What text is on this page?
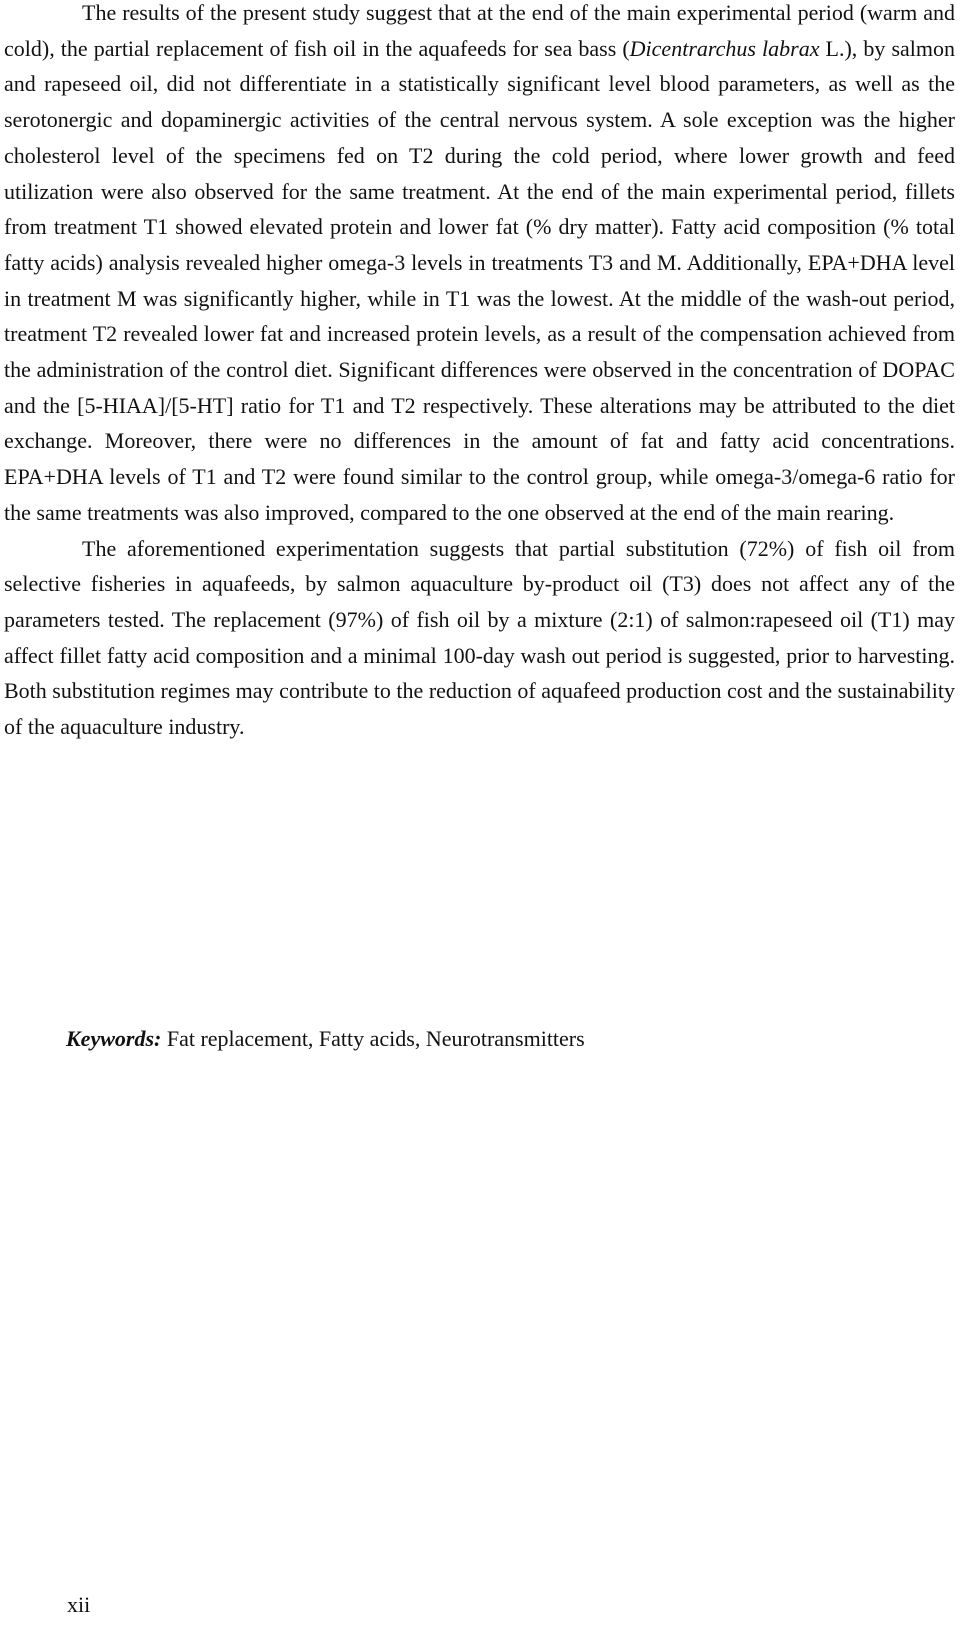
The results of the present study suggest that at the end of the main experimental period (warm and cold), the partial replacement of fish oil in the aquafeeds for sea bass (Dicentrarchus labrax L.), by salmon and rapeseed oil, did not differentiate in a statistically significant level blood parameters, as well as the serotonergic and dopaminergic activities of the central nervous system. A sole exception was the higher cholesterol level of the specimens fed on T2 during the cold period, where lower growth and feed utilization were also observed for the same treatment. At the end of the main experimental period, fillets from treatment T1 showed elevated protein and lower fat (% dry matter). Fatty acid composition (% total fatty acids) analysis revealed higher omega-3 levels in treatments T3 and M. Additionally, EPA+DHA level in treatment M was significantly higher, while in T1 was the lowest. At the middle of the wash-out period, treatment T2 revealed lower fat and increased protein levels, as a result of the compensation achieved from the administration of the control diet. Significant differences were observed in the concentration of DOPAC and the [5-HIAA]/[5-HT] ratio for T1 and T2 respectively. These alterations may be attributed to the diet exchange. Moreover, there were no differences in the amount of fat and fatty acid concentrations. EPA+DHA levels of T1 and T2 were found similar to the control group, while omega-3/omega-6 ratio for the same treatments was also improved, compared to the one observed at the end of the main rearing.

The aforementioned experimentation suggests that partial substitution (72%) of fish oil from selective fisheries in aquafeeds, by salmon aquaculture by-product oil (T3) does not affect any of the parameters tested. The replacement (97%) of fish oil by a mixture (2:1) of salmon:rapeseed oil (T1) may affect fillet fatty acid composition and a minimal 100-day wash out period is suggested, prior to harvesting. Both substitution regimes may contribute to the reduction of aquafeed production cost and the sustainability of the aquaculture industry.

Keywords: Fat replacement, Fatty acids, Neurotransmitters

xii
